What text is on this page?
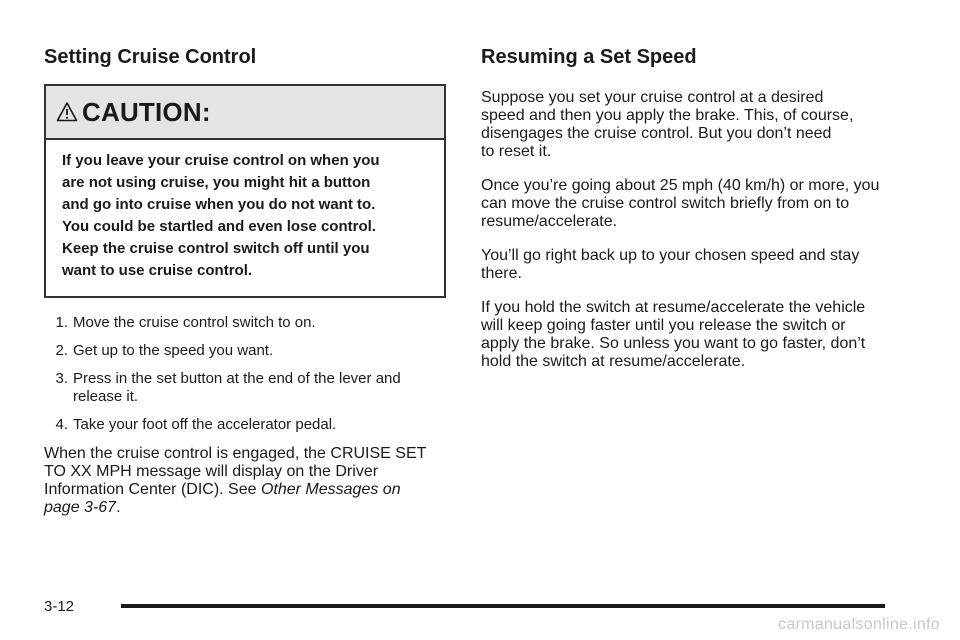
Setting Cruise Control
CAUTION:
If you leave your cruise control on when you
are not using cruise, you might hit a button
and go into cruise when you do not want to.
You could be startled and even lose control.
Keep the cruise control switch off until you
want to use cruise control.
1. Move the cruise control switch to on.
2. Get up to the speed you want.
3. Press in the set button at the end of the lever and release it.
4. Take your foot off the accelerator pedal.

When the cruise control is engaged, the CRUISE SET
TO XX MPH message will display on the Driver
Information Center (DIC). See Other Messages on
page 3-67.

Resuming a Set Speed

Suppose you set your cruise control at a desired
speed and then you apply the brake. This, of course,
disengages the cruise control. But you don’t need
to reset it.

Once you’re going about 25 mph (40 km/h) or more, you
can move the cruise control switch briefly from on to
resume/accelerate.

You’ll go right back up to your chosen speed and stay
there.

If you hold the switch at resume/accelerate the vehicle
will keep going faster until you release the switch or
apply the brake. So unless you want to go faster, don’t
hold the switch at resume/accelerate.

3-12
carmanualsonline.info
